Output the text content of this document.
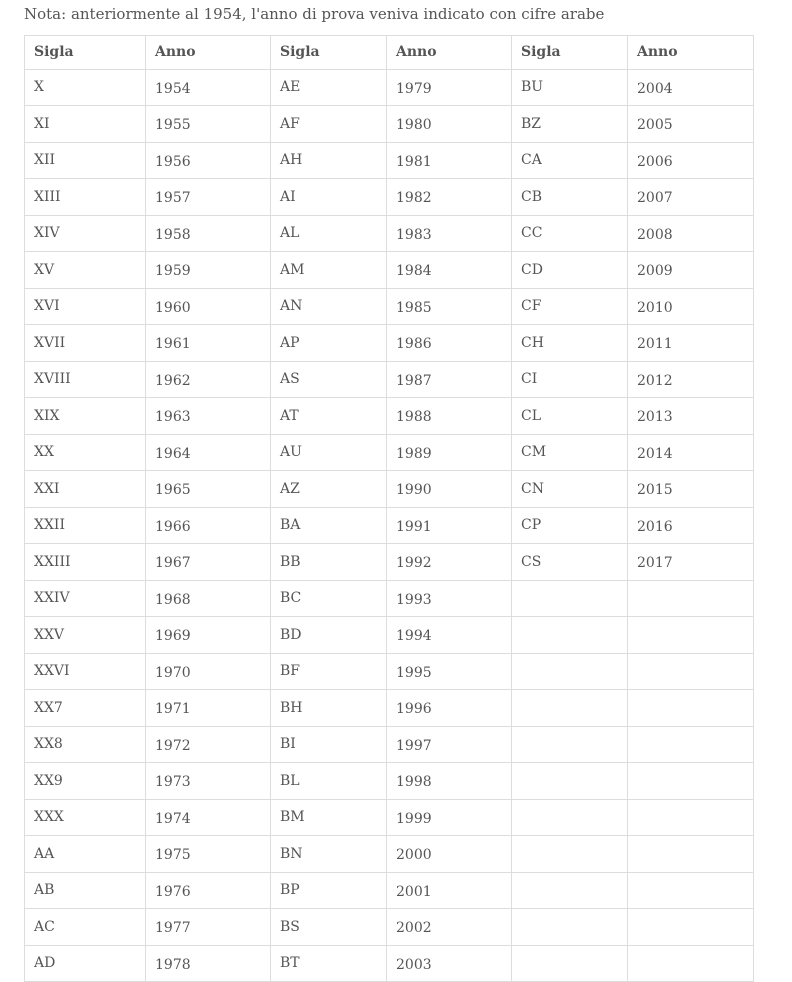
Nota: anteriormente al 1954, l'anno di prova veniva indicato con cifre arabe
Sigla	Anno	Sigla	Anno	Sigla	Anno
X	1954	AE	1979	BU	2004
XI	1955	AF	1980	BZ	2005
XII	1956	AH	1981	CA	2006
XIII	1957	AI	1982	CB	2007
XIV	1958	AL	1983	CC	2008
XV	1959	AM	1984	CD	2009
XVI	1960	AN	1985	CF	2010
XVII	1961	AP	1986	CH	2011
XVIII	1962	AS	1987	CI	2012
XIX	1963	AT	1988	CL	2013
XX	1964	AU	1989	CM	2014
XXI	1965	AZ	1990	CN	2015
XXII	1966	BA	1991	CP	2016
XXIII	1967	BB	1992	CS	2017
XXIV	1968	BC	1993		
XXV	1969	BD	1994		
XXVI	1970	BF	1995		
XX7	1971	BH	1996		
XX8	1972	BI	1997		
XX9	1973	BL	1998		
XXX	1974	BM	1999		
AA	1975	BN	2000		
AB	1976	BP	2001		
AC	1977	BS	2002		
AD	1978	BT	2003		
